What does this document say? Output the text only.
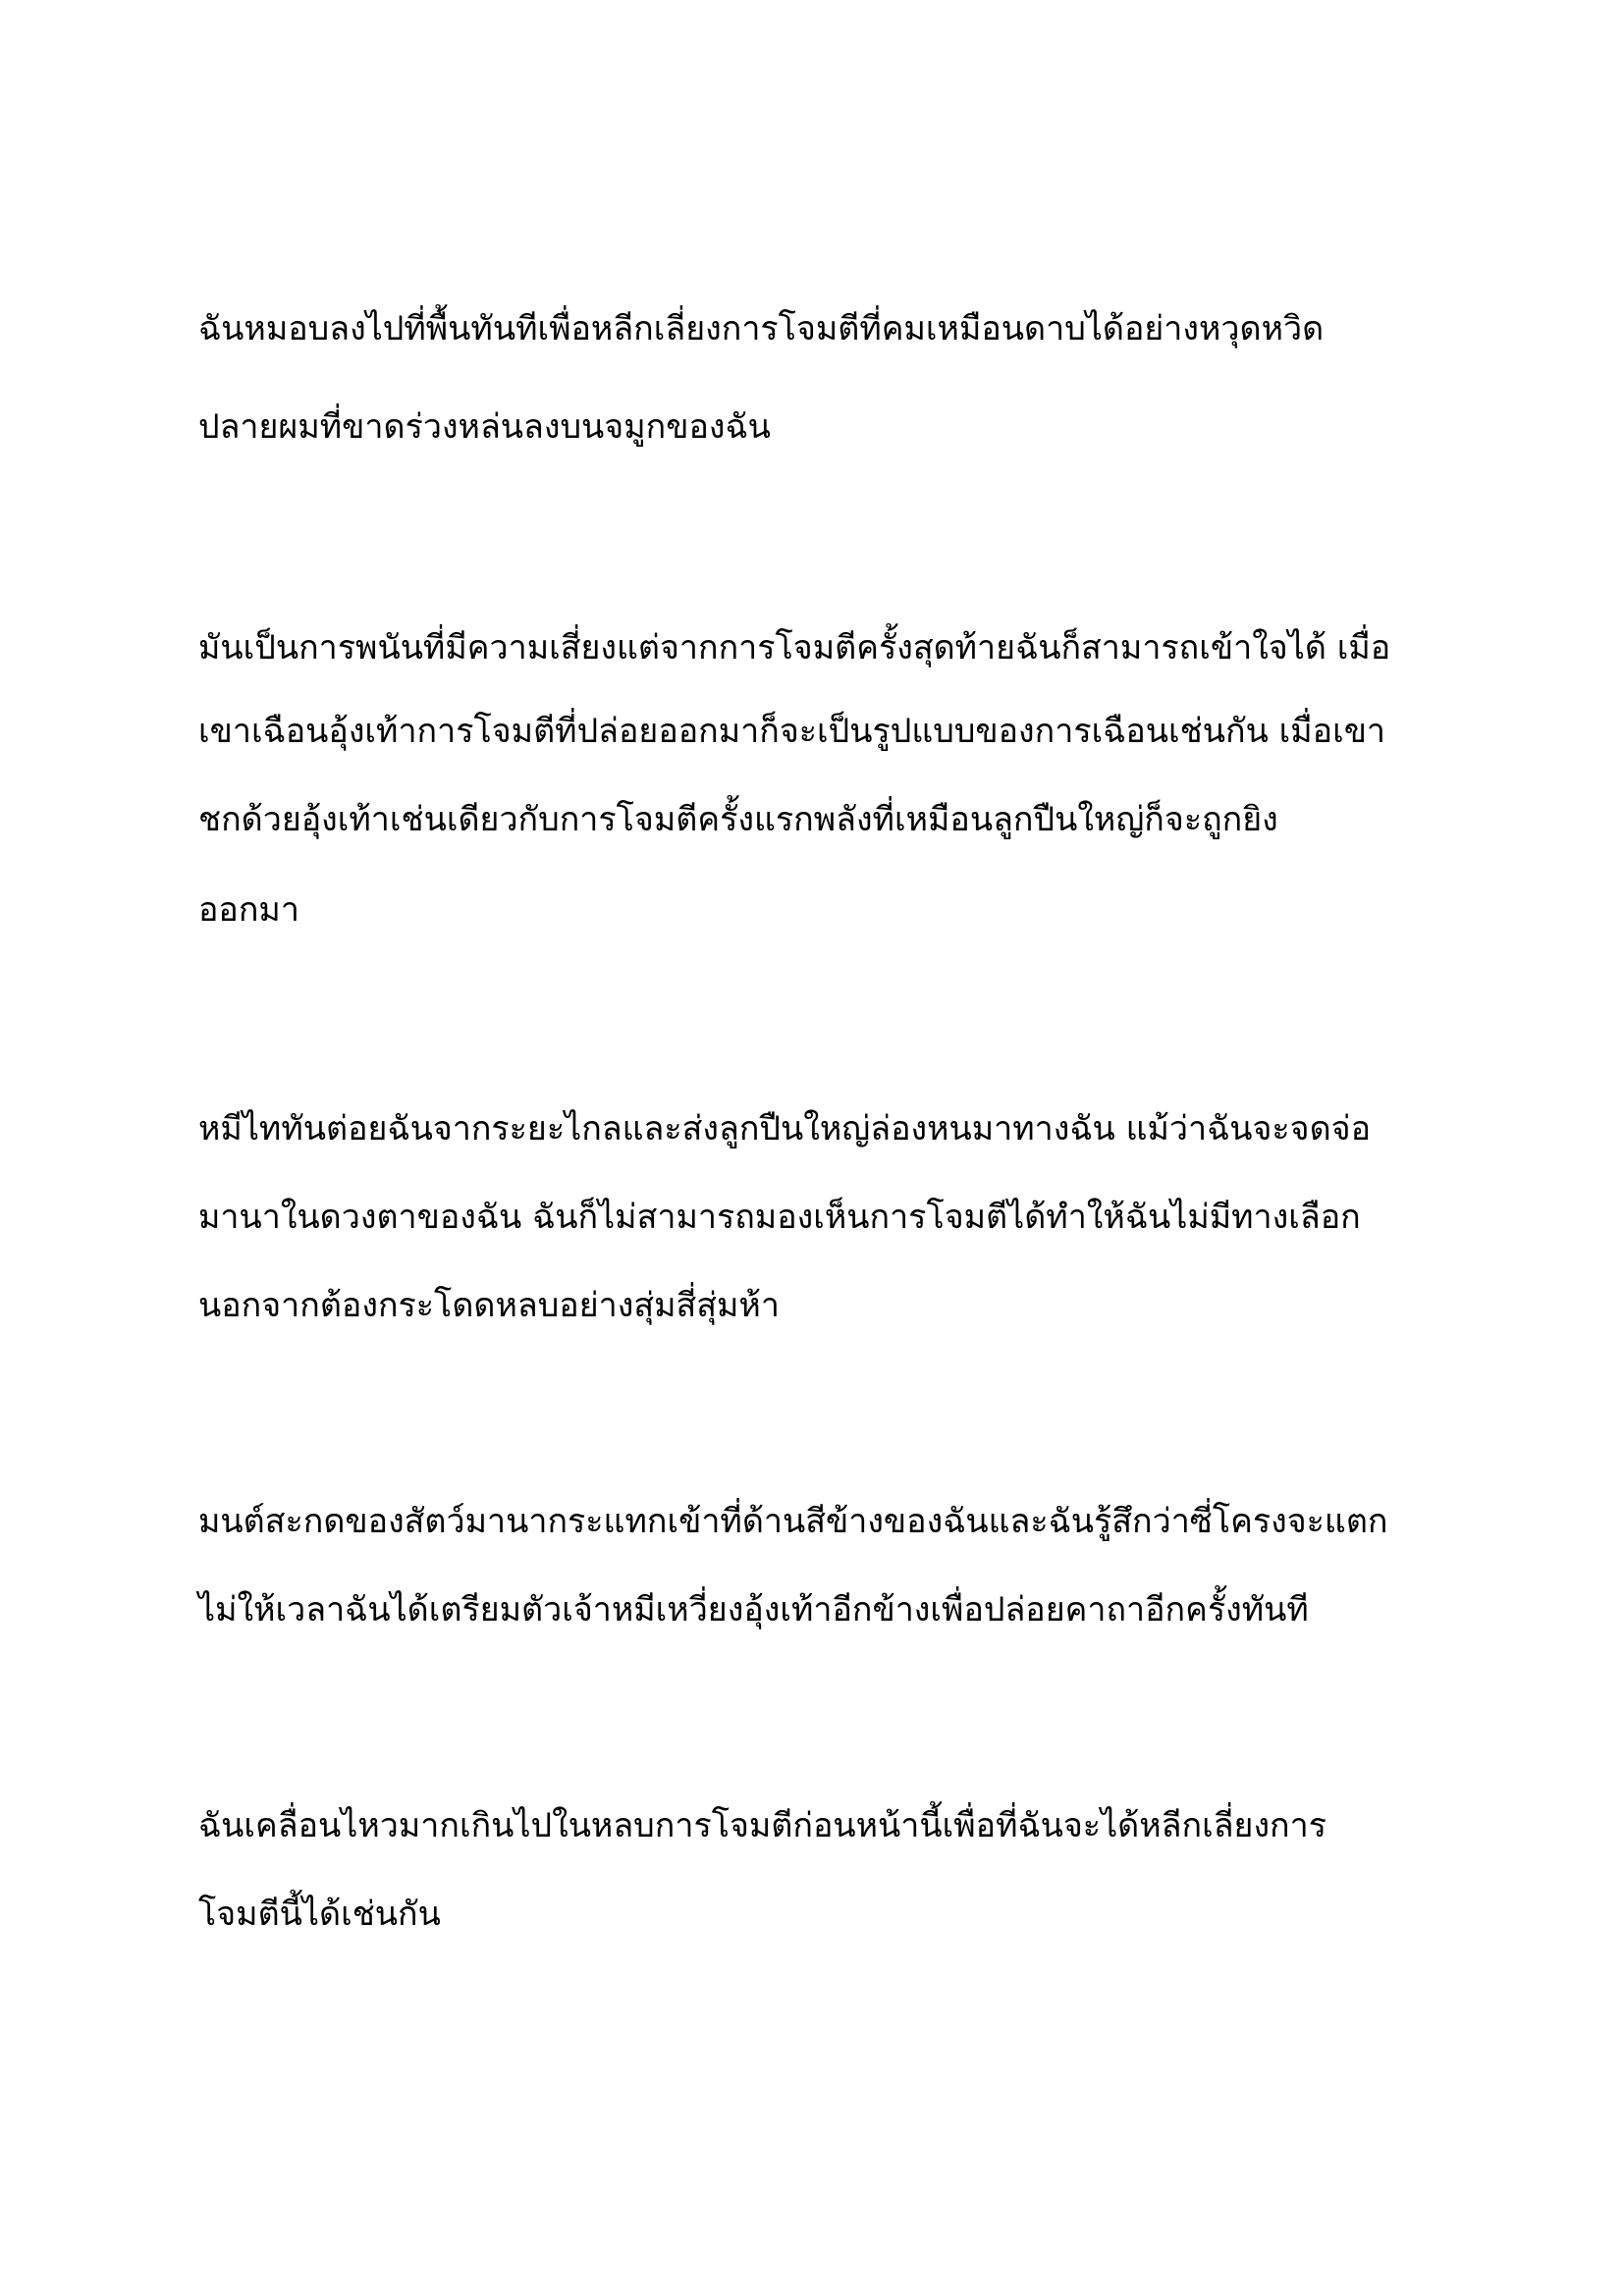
ฉันหมอบลงไปที่พื้นทันทีเพื่อหลีกเลี่ยงการโจมตีที่คมเหมือนดาบได้อย่างหวุดหวิด
ปลายผมที่ขาดร่วงหล่นลงบนจมูกของฉัน
มันเป็นการพนันที่มีความเสี่ยงแต่จากการโจมตีครั้งสุดท้ายฉันก็สามารถเข้าใจได้ เมื่อ
เขาเฉือนอุ้งเท้าการโจมตีที่ปล่อยออกมาก็จะเป็นรูปแบบของการเฉือนเช่นกัน เมื่อเขา
ชกด้วยอุ้งเท้าเช่นเดียวกับการโจมตีครั้งแรกพลังที่เหมือนลูกปืนใหญ่ก็จะถูกยิง
ออกมา
หมีไททันต่อยฉันจากระยะไกลและส่งลูกปืนใหญ่ล่องหนมาทางฉัน แม้ว่าฉันจะจดจ่อ
มานาในดวงตาของฉัน ฉันก็ไม่สามารถมองเห็นการโจมตีได้ทำให้ฉันไม่มีทางเลือก
นอกจากต้องกระโดดหลบอย่างสุ่มสี่สุ่มห้า
มนต์สะกดของสัตว์มานากระแทกเข้าที่ด้านสีข้างของฉันและฉันรู้สึกว่าซี่โครงจะแตก
ไม่ให้เวลาฉันได้เตรียมตัวเจ้าหมีเหวี่ยงอุ้งเท้าอีกข้างเพื่อปล่อยคาถาอีกครั้งทันที
ฉันเคลื่อนไหวมากเกินไปในหลบการโจมตีก่อนหน้านี้เพื่อที่ฉันจะได้หลีกเลี่ยงการ
โจมตีนี้ได้เช่นกัน
